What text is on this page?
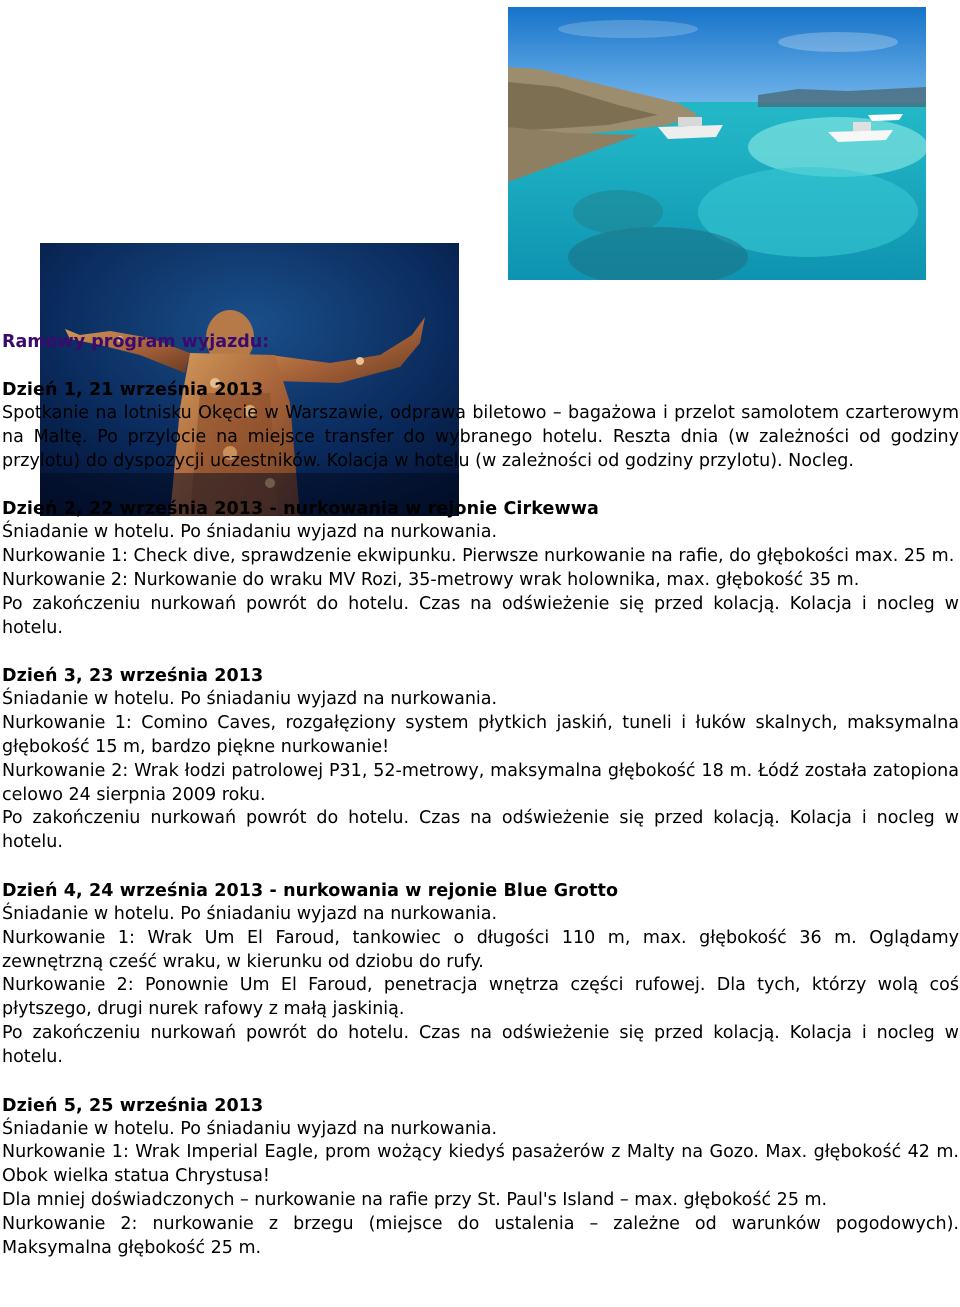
Ramowy program wyjazdu:

Dzień 1, 21 września 2013

Spotkanie na lotnisku Okęcie w Warszawie, odprawa biletowo – bagażowa i przelot samolotem czarterowym na Maltę. Po przylocie na miejsce transfer do wybranego hotelu. Reszta dnia (w zależności od godziny przylotu) do dyspozycji uczestników. Kolacja w hotelu (w zależności od godziny przylotu). Nocleg.

Dzień 2, 22 września 2013 - nurkowania w rejonie Cirkewwa

Śniadanie w hotelu. Po śniadaniu wyjazd na nurkowania.

Nurkowanie 1: Check dive, sprawdzenie ekwipunku. Pierwsze nurkowanie na rafie, do głębokości max. 25 m.

Nurkowanie 2: Nurkowanie do wraku MV Rozi, 35-metrowy wrak holownika, max. głębokość 35 m.

Po zakończeniu nurkowań powrót do hotelu. Czas na odświeżenie się przed kolacją. Kolacja i nocleg w hotelu.

Dzień 3, 23 września 2013

Śniadanie w hotelu. Po śniadaniu wyjazd na nurkowania.

Nurkowanie 1: Comino Caves, rozgałęziony system płytkich jaskiń, tuneli i łuków skalnych, maksymalna głębokość 15 m, bardzo piękne nurkowanie!

Nurkowanie 2: Wrak łodzi patrolowej P31, 52-metrowy, maksymalna głębokość 18 m. Łódź została zatopiona celowo 24 sierpnia 2009 roku.

Po zakończeniu nurkowań powrót do hotelu. Czas na odświeżenie się przed kolacją. Kolacja i nocleg w hotelu.

Dzień 4, 24 września 2013 - nurkowania w rejonie Blue Grotto

Śniadanie w hotelu. Po śniadaniu wyjazd na nurkowania.

Nurkowanie 1: Wrak Um El Faroud, tankowiec o długości 110 m, max. głębokość 36 m. Oglądamy zewnętrzną cześć wraku, w kierunku od dziobu do rufy.

Nurkowanie 2: Ponownie Um El Faroud, penetracja wnętrza części rufowej. Dla tych, którzy wolą coś płytszego, drugi nurek rafowy z małą jaskinią.

Po zakończeniu nurkowań powrót do hotelu. Czas na odświeżenie się przed kolacją. Kolacja i nocleg w hotelu.

Dzień 5, 25 września 2013

Śniadanie w hotelu. Po śniadaniu wyjazd na nurkowania.

Nurkowanie 1: Wrak Imperial Eagle, prom wożący kiedyś pasażerów z Malty na Gozo. Max. głębokość 42 m. Obok wielka statua Chrystusa!

Dla mniej doświadczonych – nurkowanie na rafie przy St. Paul's Island – max. głębokość 25 m.

Nurkowanie 2: nurkowanie z brzegu (miejsce do ustalenia – zależne od warunków pogodowych). Maksymalna głębokość 25 m.
